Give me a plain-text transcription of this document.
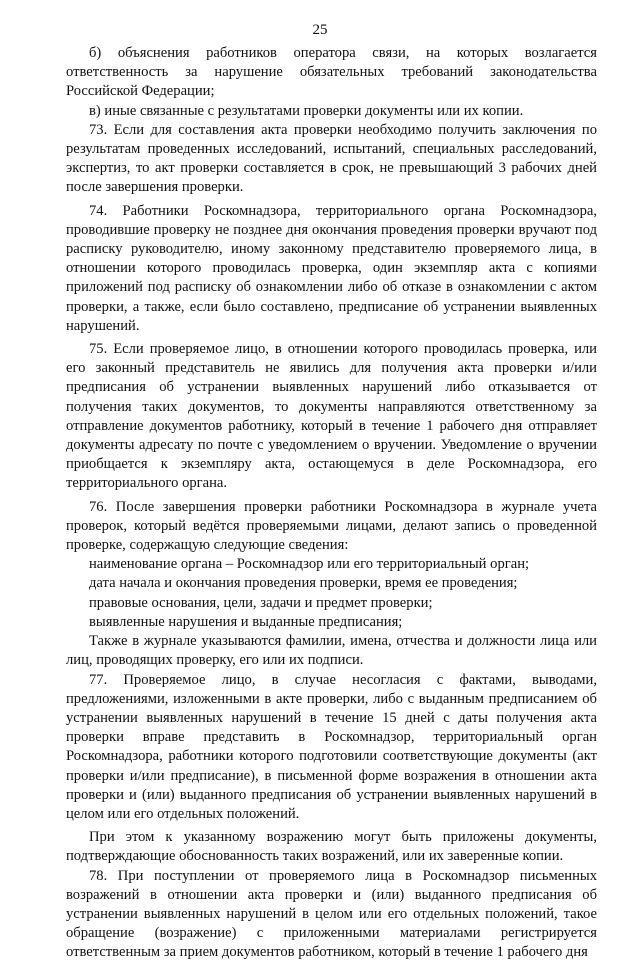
25

б) объяснения работников оператора связи, на которых возлагается ответственность за нарушение обязательных требований законодательства Российской Федерации;

в) иные связанные с результатами проверки документы или их копии.

73. Если для составления акта проверки необходимо получить заключения по результатам проведенных исследований, испытаний, специальных расследований, экспертиз, то акт проверки составляется в срок, не превышающий 3 рабочих дней после завершения проверки.

74. Работники Роскомнадзора, территориального органа Роскомнадзора, проводившие проверку не позднее дня окончания проведения проверки вручают под расписку руководителю, иному законному представителю проверяемого лица, в отношении которого проводилась проверка, один экземпляр акта с копиями приложений под расписку об ознакомлении либо об отказе в ознакомлении с актом проверки, а также, если было составлено, предписание об устранении выявленных нарушений.

75. Если проверяемое лицо, в отношении которого проводилась проверка, или его законный представитель не явились для получения акта проверки и/или предписания об устранении выявленных нарушений либо отказывается от получения таких документов, то документы направляются ответственному за отправление документов работнику, который в течение 1 рабочего дня отправляет документы адресату по почте с уведомлением о вручении. Уведомление о вручении приобщается к экземпляру акта, остающемуся в деле Роскомнадзора, его территориального органа.

76. После завершения проверки работники Роскомнадзора в журнале учета проверок, который ведётся проверяемыми лицами, делают запись о проведенной проверке, содержащую следующие сведения:

наименование органа – Роскомнадзор или его территориальный орган;

дата начала и окончания проведения проверки, время ее проведения;

правовые основания, цели, задачи и предмет проверки;

выявленные нарушения и выданные предписания;

Также в журнале указываются фамилии, имена, отчества и должности лица или лиц, проводящих проверку, его или их подписи.

77. Проверяемое лицо, в случае несогласия с фактами, выводами, предложениями, изложенными в акте проверки, либо с выданным предписанием об устранении выявленных нарушений в течение 15 дней с даты получения акта проверки вправе представить в Роскомнадзор, территориальный орган Роскомнадзора, работники которого подготовили соответствующие документы (акт проверки и/или предписание), в письменной форме возражения в отношении акта проверки и (или) выданного предписания об устранении выявленных нарушений в целом или его отдельных положений.

При этом к указанному возражению могут быть приложены документы, подтверждающие обоснованность таких возражений, или их заверенные копии.

78. При поступлении от проверяемого лица в Роскомнадзор письменных возражений в отношении акта проверки и (или) выданного предписания об устранении выявленных нарушений в целом или его отдельных положений, такое обращение (возражение) с приложенными материалами регистрируется ответственным за прием документов работником, который в течение 1 рабочего дня
